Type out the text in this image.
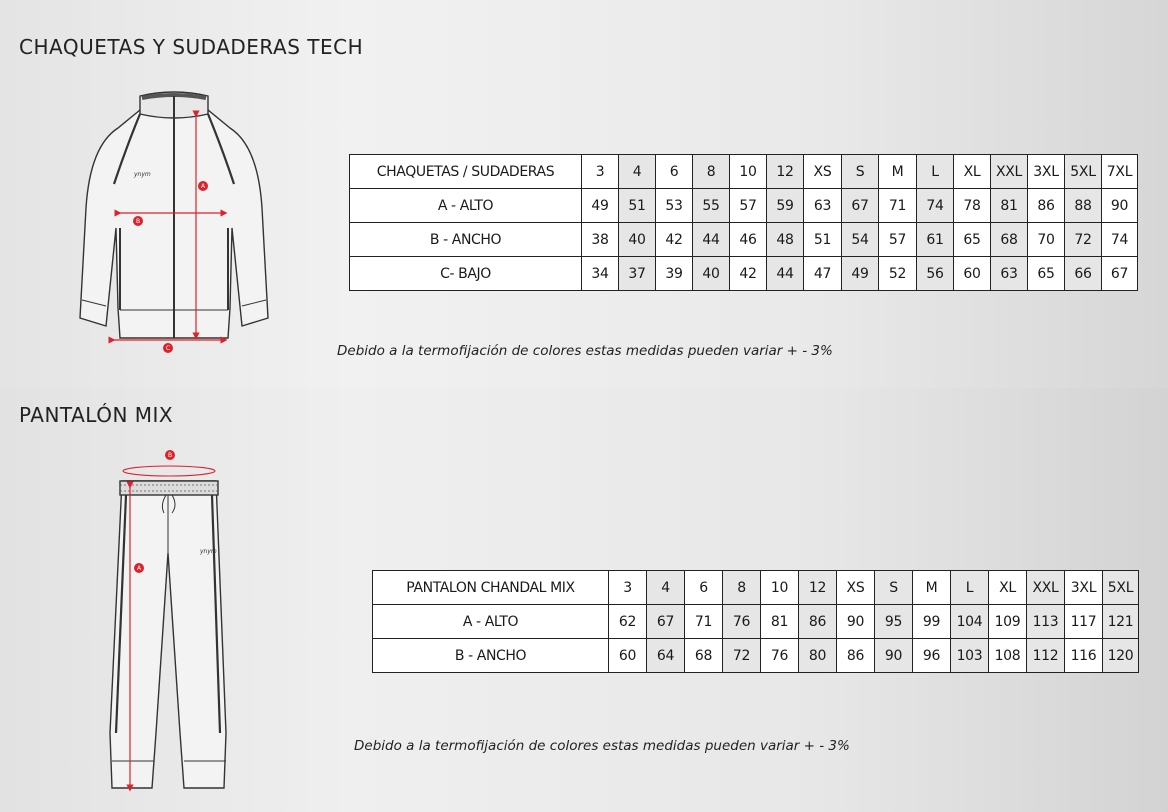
CHAQUETAS Y SUDADERAS TECH
ynym
A
B
C
CHAQUETAS / SUDADERAS	3	4	6	8	10	12	XS	S	M	L	XL	XXL	3XL	5XL	7XL
A - ALTO	49	51	53	55	57	59	63	67	71	74	78	81	86	88	90
B - ANCHO	38	40	42	44	46	48	51	54	57	61	65	68	70	72	74
C- BAJO	34	37	39	40	42	44	47	49	52	56	60	63	65	66	67
Debido a la termofijación de colores estas medidas pueden variar + - 3%
PANTALÓN MIX
ynym
B
A
PANTALON CHANDAL MIX	3	4	6	8	10	12	XS	S	M	L	XL	XXL	3XL	5XL
A - ALTO	62	67	71	76	81	86	90	95	99	104	109	113	117	121
B - ANCHO	60	64	68	72	76	80	86	90	96	103	108	112	116	120
Debido a la termofijación de colores estas medidas pueden variar + - 3%
